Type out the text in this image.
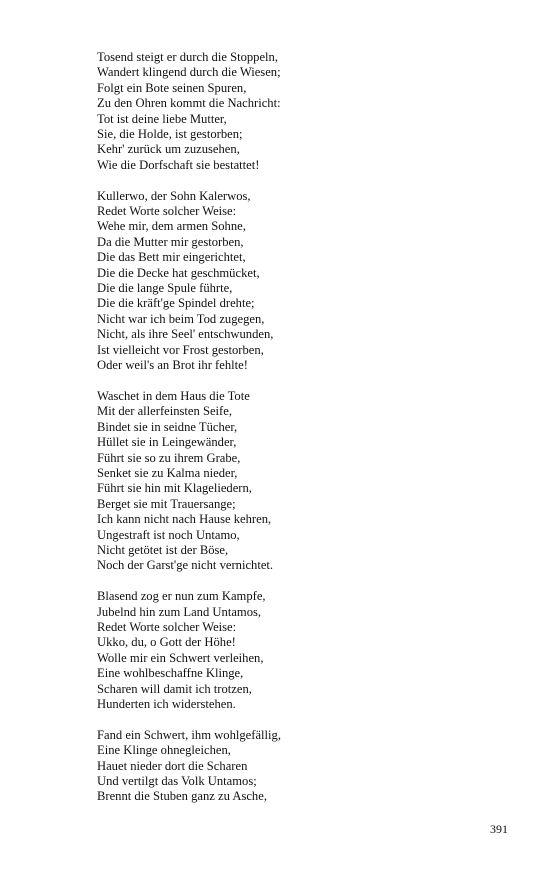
Tosend steigt er durch die Stoppeln,
Wandert klingend durch die Wiesen;
Folgt ein Bote seinen Spuren,
Zu den Ohren kommt die Nachricht:
Tot ist deine liebe Mutter,
Sie, die Holde, ist gestorben;
Kehr' zurück um zuzusehen,
Wie die Dorfschaft sie bestattet!
Kullerwo, der Sohn Kalerwos,
Redet Worte solcher Weise:
Wehe mir, dem armen Sohne,
Da die Mutter mir gestorben,
Die das Bett mir eingerichtet,
Die die Decke hat geschmücket,
Die die lange Spule führte,
Die die kräft'ge Spindel drehte;
Nicht war ich beim Tod zugegen,
Nicht, als ihre Seel' entschwunden,
Ist vielleicht vor Frost gestorben,
Oder weil's an Brot ihr fehlte!
Waschet in dem Haus die Tote
Mit der allerfeinsten Seife,
Bindet sie in seidne Tücher,
Hüllet sie in Leingewänder,
Führt sie so zu ihrem Grabe,
Senket sie zu Kalma nieder,
Führt sie hin mit Klageliedern,
Berget sie mit Trauersange;
Ich kann nicht nach Hause kehren,
Ungestraft ist noch Untamo,
Nicht getötet ist der Böse,
Noch der Garst'ge nicht vernichtet.
Blasend zog er nun zum Kampfe,
Jubelnd hin zum Land Untamos,
Redet Worte solcher Weise:
Ukko, du, o Gott der Höhe!
Wolle mir ein Schwert verleihen,
Eine wohlbeschaffne Klinge,
Scharen will damit ich trotzen,
Hunderten ich widerstehen.
Fand ein Schwert, ihm wohlgefällig,
Eine Klinge ohnegleichen,
Hauet nieder dort die Scharen
Und vertilgt das Volk Untamos;
Brennt die Stuben ganz zu Asche,
391
